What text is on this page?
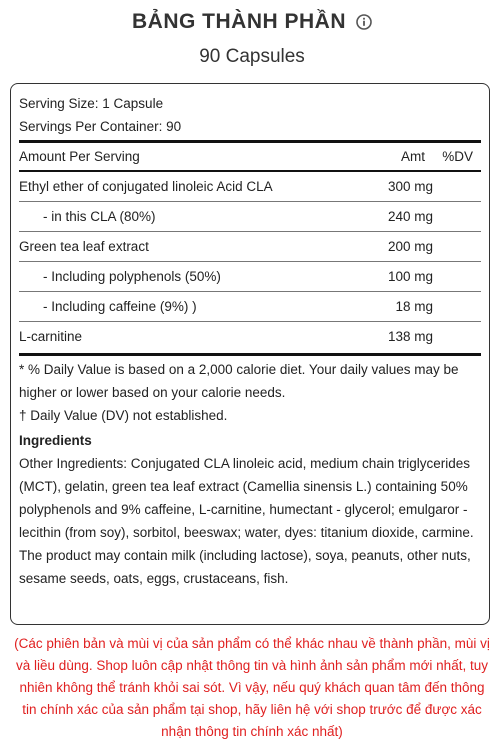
BẢNG THÀNH PHẦN
90 Capsules
Serving Size: 1 Capsule
Servings Per Container: 90
Amount Per Serving	Amt	%DV
Ethyl ether of conjugated linoleic Acid CLA	300 mg
- in this CLA (80%)	240 mg
Green tea leaf extract	200 mg
- Including polyphenols (50%)	100 mg
- Including caffeine (9%) )	18 mg
L-carnitine	138 mg
* % Daily Value is based on a 2,000 calorie diet. Your daily values may be higher or lower based on your calorie needs.
† Daily Value (DV) not established.
Ingredients
Other Ingredients: Conjugated CLA linoleic acid, medium chain triglycerides (MCT), gelatin, green tea leaf extract (Camellia sinensis L.) containing 50% polyphenols and 9% caffeine, L-carnitine, humectant - glycerol; emulgaror - lecithin (from soy), sorbitol, beeswax; water, dyes: titanium dioxide, carmine. The product may contain milk (including lactose), soya, peanuts, other nuts, sesame seeds, oats, eggs, crustaceans, fish.
(Các phiên bản và mùi vị của sản phẩm có thể khác nhau về thành phần, mùi vị và liều dùng. Shop luôn cập nhật thông tin và hình ảnh sản phẩm mới nhất, tuy nhiên không thể tránh khỏi sai sót. Vì vậy, nếu quý khách quan tâm đến thông tin chính xác của sản phẩm tại shop, hãy liên hệ với shop trước để được xác nhận thông tin chính xác nhất)
